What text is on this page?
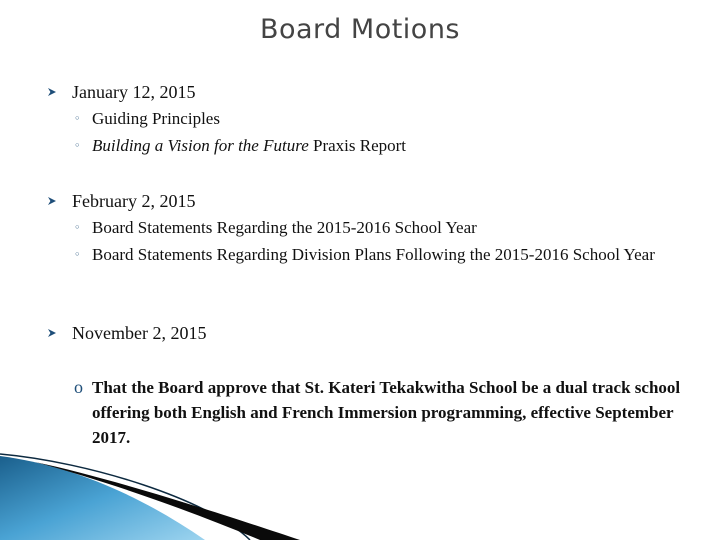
Board Motions
January 12, 2015
◦ Guiding Principles
◦ Building a Vision for the Future Praxis Report
February 2, 2015
◦ Board Statements Regarding the 2015-2016 School Year
◦ Board Statements Regarding Division Plans Following the 2015-2016 School Year
November 2, 2015
o That the Board approve that St. Kateri Tekakwitha School be a dual track school offering both English and French Immersion programming, effective September 2017.
